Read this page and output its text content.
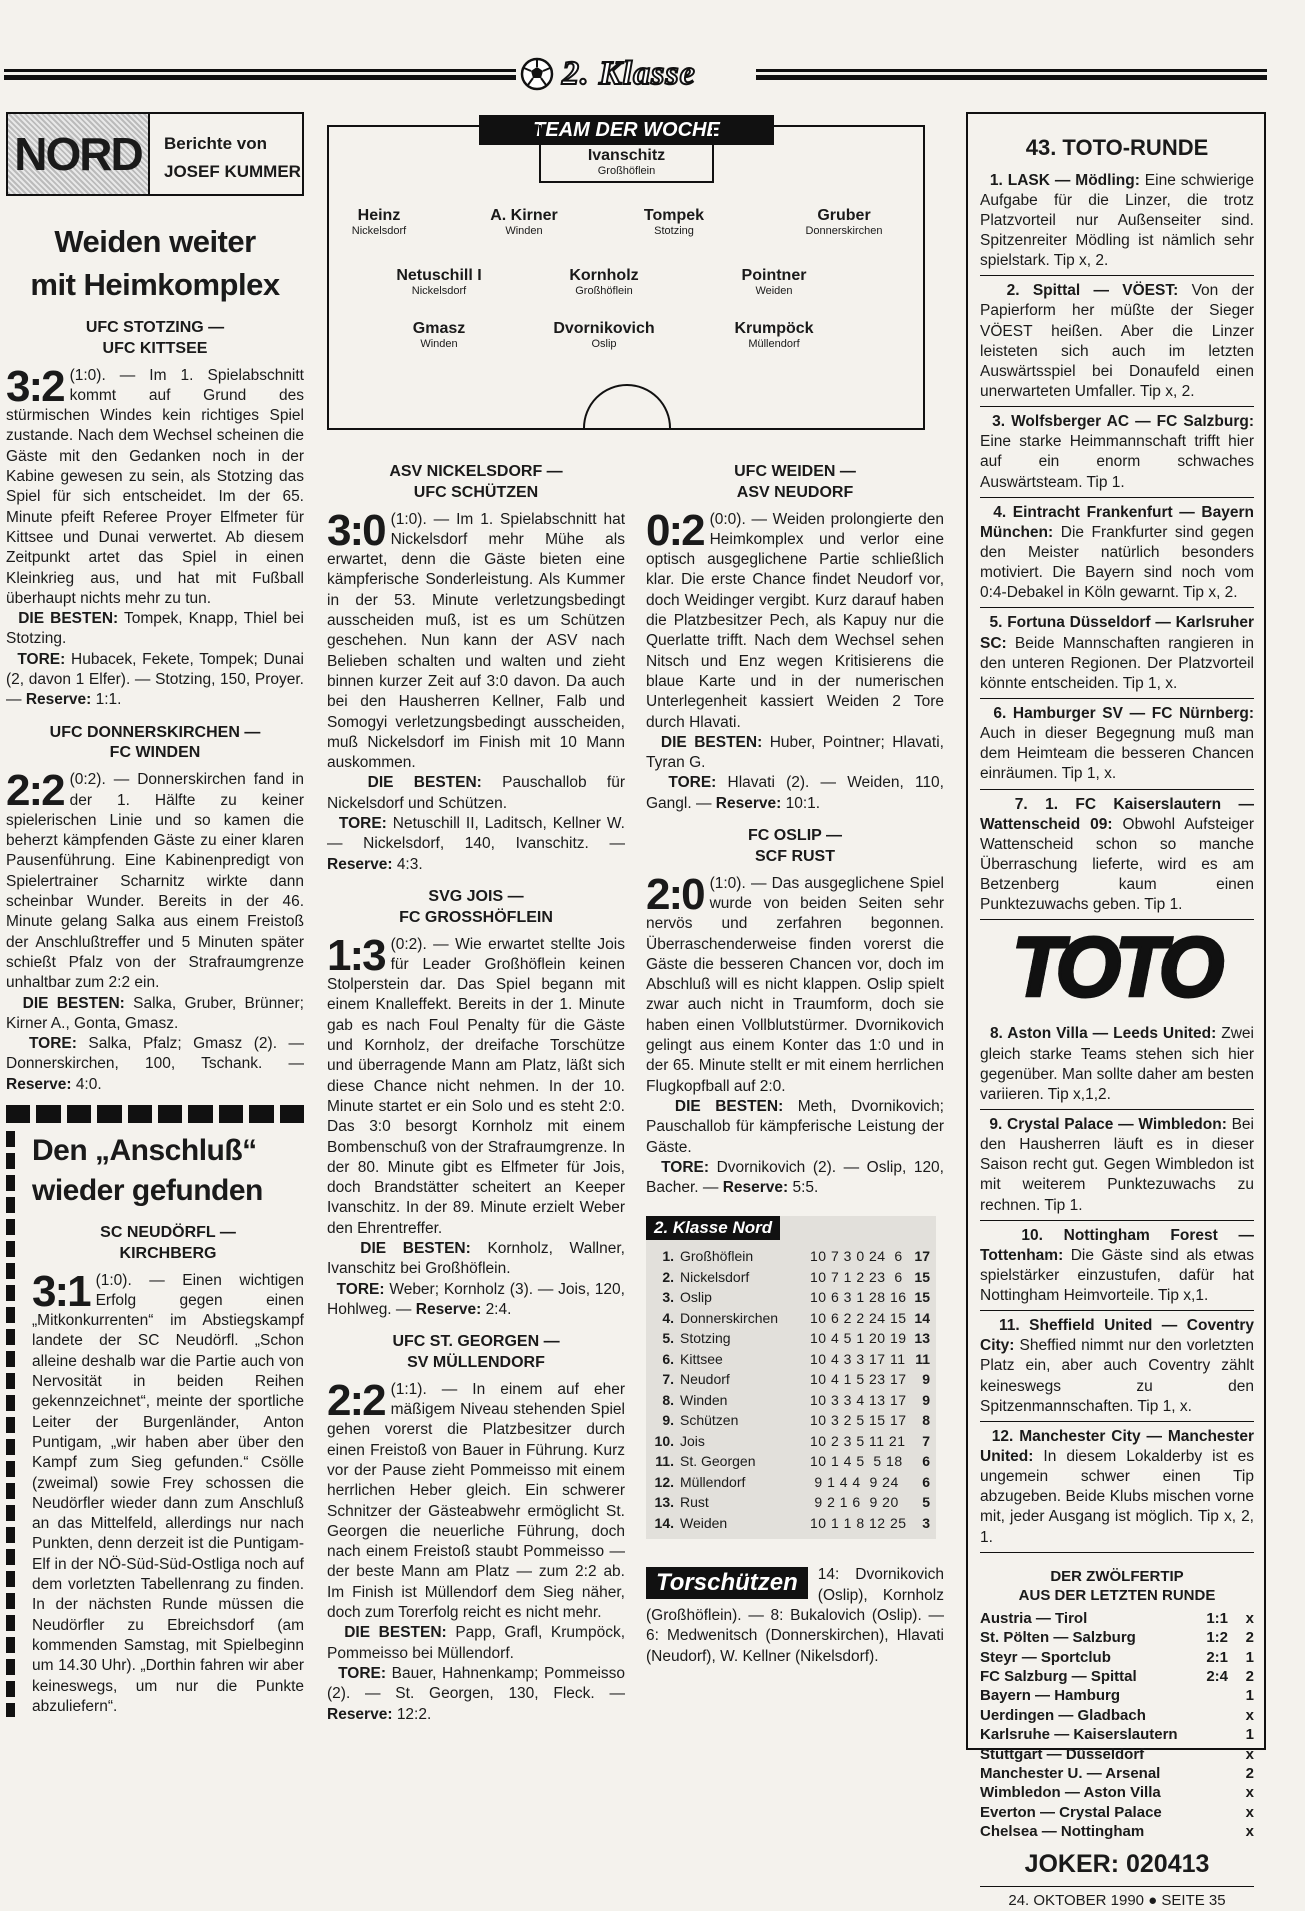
2. Klasse
NORD	Berichte von
JOSEF KUMMER
Weiden weiter
mit Heimkomplex
UFC STOTZING —
UFC KITTSEE
3:2 (1:0). — Im 1. Spielabschnitt kommt auf Grund des stürmischen Windes kein richtiges Spiel zustande. Nach dem Wechsel scheinen die Gäste mit den Gedanken noch in der Kabine gewesen zu sein, als Stotzing das Spiel für sich entscheidet. Im der 65. Minute pfeift Referee Proyer Elfmeter für Kittsee und Dunai verwertet. Ab diesem Zeitpunkt artet das Spiel in einen Kleinkrieg aus, und hat mit Fußball überhaupt nichts mehr zu tun.

DIE BESTEN: Tompek, Knapp, Thiel bei Stotzing.

TORE: Hubacek, Fekete, Tompek; Dunai (2, davon 1 Elfer). — Stotzing, 150, Proyer. — Reserve: 1:1.

UFC DONNERSKIRCHEN —
FC WINDEN
2:2 (0:2). — Donnerskirchen fand in der 1. Hälfte zu keiner spielerischen Linie und so kamen die beherzt kämpfenden Gäste zu einer klaren Pausenführung. Eine Kabinenpredigt von Spielertrainer Scharnitz wirkte dann scheinbar Wunder. Bereits in der 46. Minute gelang Salka aus einem Freistoß der Anschlußtreffer und 5 Minuten später schießt Pfalz von der Strafraumgrenze unhaltbar zum 2:2 ein.

DIE BESTEN: Salka, Gruber, Brünner; Kirner A., Gonta, Gmasz.

TORE: Salka, Pfalz; Gmasz (2). — Donnerskirchen, 100, Tschank. — Reserve: 4:0.

Den „Anschluß“
wieder gefunden
SC NEUDÖRFL —
KIRCHBERG
3:1 (1:0). — Einen wichtigen Erfolg gegen einen „Mitkonkurrenten“ im Abstiegskampf landete der SC Neudörfl. „Schon alleine deshalb war die Partie auch von Nervosität in beiden Reihen gekennzeichnet“, meinte der sportliche Leiter der Burgenländer, Anton Puntigam, „wir haben aber über den Kampf zum Sieg gefunden.“ Csölle (zweimal) sowie Frey schossen die Neudörfler wieder dann zum Anschluß an das Mittelfeld, allerdings nur nach Punkten, denn derzeit ist die Puntigam-Elf in der NÖ-Süd-Süd-Ostliga noch auf dem vorletzten Tabellenrang zu finden. In der nächsten Runde müssen die Neudörfler zu Ebreichsdorf (am kommenden Samstag, mit Spielbeginn um 14.30 Uhr). „Dorthin fahren wir aber keineswegs, um nur die Punkte abzuliefern“.

TEAM DER WOCHE
Ivanschitz
Großhöflein
Heinz
Nickelsdorf
A. Kirner
Winden
Tompek
Stotzing
Gruber
Donnerskirchen
Netuschill I
Nickelsdorf
Kornholz
Großhöflein
Pointner
Weiden
Gmasz
Winden
Dvornikovich
Oslip
Krumpöck
Müllendorf
ASV NICKELSDORF —
UFC SCHÜTZEN
3:0 (1:0). — Im 1. Spielabschnitt hat Nickelsdorf mehr Mühe als erwartet, denn die Gäste bieten eine kämpferische Sonderleistung. Als Kummer in der 53. Minute verletzungsbedingt ausscheiden muß, ist es um Schützen geschehen. Nun kann der ASV nach Belieben schalten und walten und zieht binnen kurzer Zeit auf 3:0 davon. Da auch bei den Hausherren Kellner, Falb und Somogyi verletzungsbedingt ausscheiden, muß Nickelsdorf im Finish mit 10 Mann auskommen.

DIE BESTEN: Pauschallob für Nickelsdorf und Schützen.

TORE: Netuschill II, Laditsch, Kellner W. — Nickelsdorf, 140, Ivanschitz. — Reserve: 4:3.

SVG JOIS —
FC GROSSHÖFLEIN
1:3 (0:2). — Wie erwartet stellte Jois für Leader Großhöflein keinen Stolperstein dar. Das Spiel begann mit einem Knalleffekt. Bereits in der 1. Minute gab es nach Foul Penalty für die Gäste und Kornholz, der dreifache Torschütze und überragende Mann am Platz, läßt sich diese Chance nicht nehmen. In der 10. Minute startet er ein Solo und es steht 2:0. Das 3:0 besorgt Kornholz mit einem Bombenschuß von der Strafraumgrenze. In der 80. Minute gibt es Elfmeter für Jois, doch Brandstätter scheitert an Keeper Ivanschitz. In der 89. Minute erzielt Weber den Ehrentreffer.

DIE BESTEN: Kornholz, Wallner, Ivanschitz bei Großhöflein.

TORE: Weber; Kornholz (3). — Jois, 120, Hohlweg. — Reserve: 2:4.

UFC ST. GEORGEN —
SV MÜLLENDORF
2:2 (1:1). — In einem auf eher mäßigem Niveau stehenden Spiel gehen vorerst die Platzbesitzer durch einen Freistoß von Bauer in Führung. Kurz vor der Pause zieht Pommeisso mit einem herrlichen Heber gleich. Ein schwerer Schnitzer der Gästeabwehr ermöglicht St. Georgen die neuerliche Führung, doch nach einem Freistoß staubt Pommeisso — der beste Mann am Platz — zum 2:2 ab. Im Finish ist Müllendorf dem Sieg näher, doch zum Torerfolg reicht es nicht mehr.

DIE BESTEN: Papp, Grafl, Krumpöck, Pommeisso bei Müllendorf.

TORE: Bauer, Hahnenkamp; Pommeisso (2). — St. Georgen, 130, Fleck. — Reserve: 12:2.

UFC WEIDEN —
ASV NEUDORF
0:2 (0:0). — Weiden prolongierte den Heimkomplex und verlor eine optisch ausgeglichene Partie schließlich klar. Die erste Chance findet Neudorf vor, doch Weidinger vergibt. Kurz darauf haben die Platzbesitzer Pech, als Kapuy nur die Querlatte trifft. Nach dem Wechsel sehen Nitsch und Enz wegen Kritisierens die blaue Karte und in der numerischen Unterlegenheit kassiert Weiden 2 Tore durch Hlavati.

DIE BESTEN: Huber, Pointner; Hlavati, Tyran G.

TORE: Hlavati (2). — Weiden, 110, Gangl. — Reserve: 10:1.

FC OSLIP —
SCF RUST
2:0 (1:0). — Das ausgeglichene Spiel wurde von beiden Seiten sehr nervös und zerfahren begonnen. Überraschenderweise finden vorerst die Gäste die besseren Chancen vor, doch im Abschluß will es nicht klappen. Oslip spielt zwar auch nicht in Traumform, doch sie haben einen Vollblutstürmer. Dvornikovich gelingt aus einem Konter das 1:0 und in der 65. Minute stellt er mit einem herrlichen Flugkopfball auf 2:0.

DIE BESTEN: Meth, Dvornikovich; Pauschallob für kämpferische Leistung der Gäste.

TORE: Dvornikovich (2). — Oslip, 120, Bacher. — Reserve: 5:5.

2. Klasse Nord
1.	Großhöflein	10 7 3 0 24  6	17
2.	Nickelsdorf	10 7 1 2 23  6	15
3.	Oslip	10 6 3 1 28 16	15
4.	Donnerskirchen	10 6 2 2 24 15	14
5.	Stotzing	10 4 5 1 20 19	13
6.	Kittsee	10 4 3 3 17 11	11
7.	Neudorf	10 4 1 5 23 17	9
8.	Winden	10 3 3 4 13 17	9
9.	Schützen	10 3 2 5 15 17	8
10.	Jois	10 2 3 5 11 21	7
11.	St. Georgen	10 1 4 5  5 18	6
12.	Müllendorf	9 1 4 4  9 24	6
13.	Rust	9 2 1 6  9 20	5
14.	Weiden	10 1 1 8 12 25	3
Torschützen	14: Dvornikovich (Oslip), Kornholz (Großhöflein). — 8: Bukalovich (Oslip). — 6: Medwenitsch (Donnerskirchen), Hlavati (Neudorf), W. Kellner (Nikelsdorf).

43. TOTO-RUNDE

1. LASK — Mödling: Eine schwierige Aufgabe für die Linzer, die trotz Platzvorteil nur Außenseiter sind. Spitzenreiter Mödling ist nämlich sehr spielstark. Tip x, 2.

2. Spittal — VÖEST: Von der Papierform her müßte der Sieger VÖEST heißen. Aber die Linzer leisteten sich auch im letzten Auswärtsspiel bei Donaufeld einen unerwarteten Umfaller. Tip x, 2.

3. Wolfsberger AC — FC Salzburg: Eine starke Heimmannschaft trifft hier auf ein enorm schwaches Auswärtsteam. Tip 1.

4. Eintracht Frankenfurt — Bayern München: Die Frankfurter sind gegen den Meister natürlich besonders motiviert. Die Bayern sind noch vom 0:4-Debakel in Köln gewarnt. Tip x, 2.

5. Fortuna Düsseldorf — Karlsruher SC: Beide Mannschaften rangieren in den unteren Regionen. Der Platzvorteil könnte entscheiden. Tip 1, x.

6. Hamburger SV — FC Nürnberg: Auch in dieser Begegnung muß man dem Heimteam die besseren Chancen einräumen. Tip 1, x.

7. 1. FC Kaiserslautern — Wattenscheid 09: Obwohl Aufsteiger Wattenscheid schon so manche Überraschung lieferte, wird es am Betzenberg kaum einen Punktezuwachs geben. Tip 1.

TOTO

8. Aston Villa — Leeds United: Zwei gleich starke Teams stehen sich hier gegenüber. Man sollte daher am besten variieren. Tip x,1,2.

9. Crystal Palace — Wimbledon: Bei den Hausherren läuft es in dieser Saison recht gut. Gegen Wimbledon ist mit weiterem Punktezuwachs zu rechnen. Tip 1.

10. Nottingham Forest — Tottenham: Die Gäste sind als etwas spielstärker einzustufen, dafür hat Nottingham Heimvorteile. Tip x,1.

11. Sheffield United — Coventry City: Sheffied nimmt nur den vorletzten Platz ein, aber auch Coventry zählt keineswegs zu den Spitzenmannschaften. Tip 1, x.

12. Manchester City — Manchester United: In diesem Lokalderby ist es ungemein schwer einen Tip abzugeben. Beide Klubs mischen vorne mit, jeder Ausgang ist möglich. Tip x, 2, 1.

DER ZWÖLFERTIP
AUS DER LETZTEN RUNDE
Austria — Tirol	1:1	x
St. Pölten — Salzburg	1:2	2
Steyr — Sportclub	2:1	1
FC Salzburg — Spittal	2:4	2
Bayern — Hamburg		1
Uerdingen — Gladbach		x
Karlsruhe — Kaiserslautern		1
Stuttgart — Düsseldorf		x
Manchester U. — Arsenal		2
Wimbledon — Aston Villa		x
Everton — Crystal Palace		x
Chelsea — Nottingham		x
JOKER: 020413
24. OKTOBER 1990 ● SEITE 35
